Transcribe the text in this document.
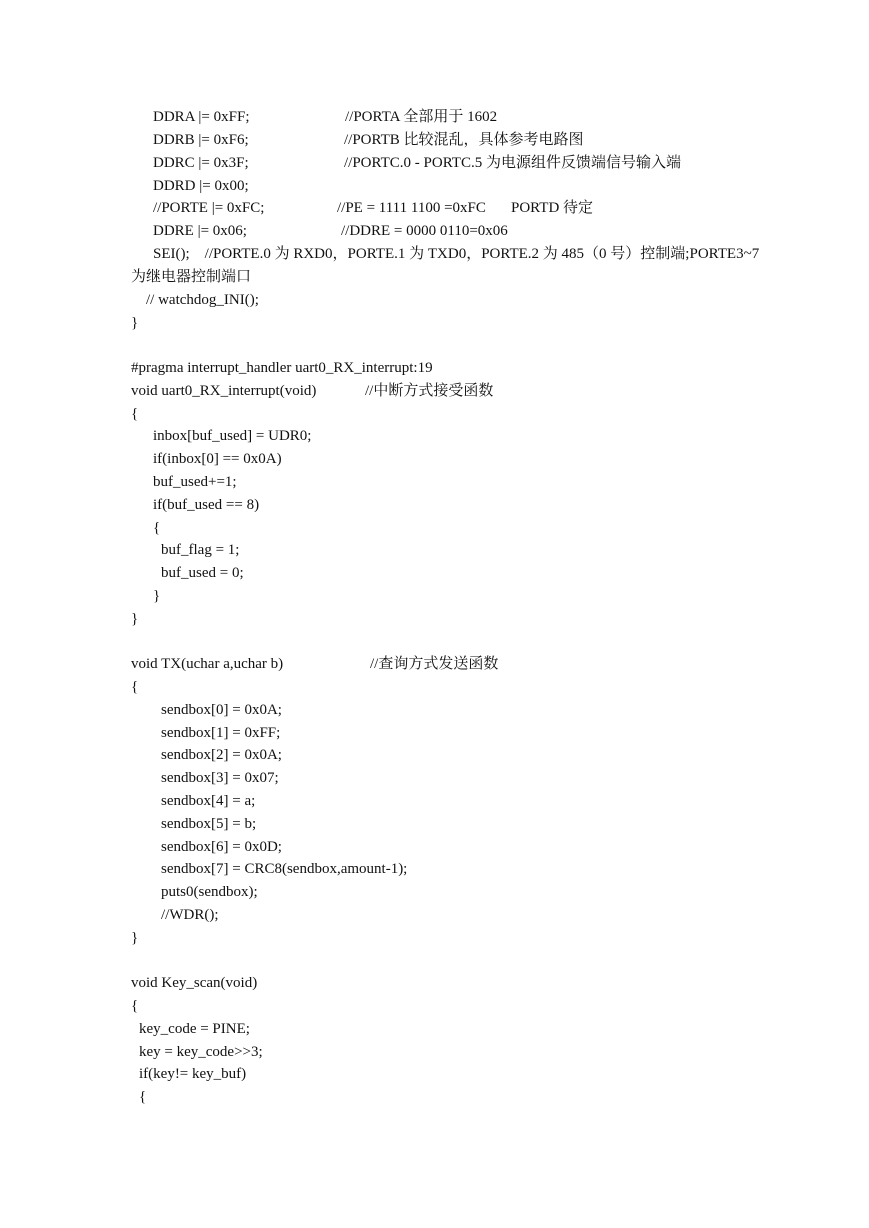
DDRA |= 0xFF;	//PORTA 全部用于 1602
DDRB |= 0xF6;	//PORTB 比较混乱，具体参考电路图
DDRC |= 0x3F;	//PORTC.0 - PORTC.5 为电源组件反馈端信号输入端
DDRD |= 0x00;
//PORTE |= 0xFC;	//PE = 1111 1100 =0xFC PORTD 待定
DDRE |= 0x06;	//DDRE = 0000 0110=0x06
SEI();    //PORTE.0 为 RXD0，PORTE.1 为 TXD0，PORTE.2 为 485（0 号）控制端;PORTE3~7
为继电器控制端口
// watchdog_INI();
}
#pragma interrupt_handler uart0_RX_interrupt:19
void uart0_RX_interrupt(void)	//中断方式接受函数
{
inbox[buf_used] = UDR0;
if(inbox[0] == 0x0A)
buf_used+=1;
if(buf_used == 8)
{
buf_flag = 1;
buf_used = 0;
}
}
void TX(uchar a,uchar b)	//查询方式发送函数
{
sendbox[0] = 0x0A;
sendbox[1] = 0xFF;
sendbox[2] = 0x0A;
sendbox[3] = 0x07;
sendbox[4] = a;
sendbox[5] = b;
sendbox[6] = 0x0D;
sendbox[7] = CRC8(sendbox,amount-1);
puts0(sendbox);
//WDR();
}
void Key_scan(void)
{
key_code = PINE;
key = key_code>>3;
if(key!= key_buf)
{
